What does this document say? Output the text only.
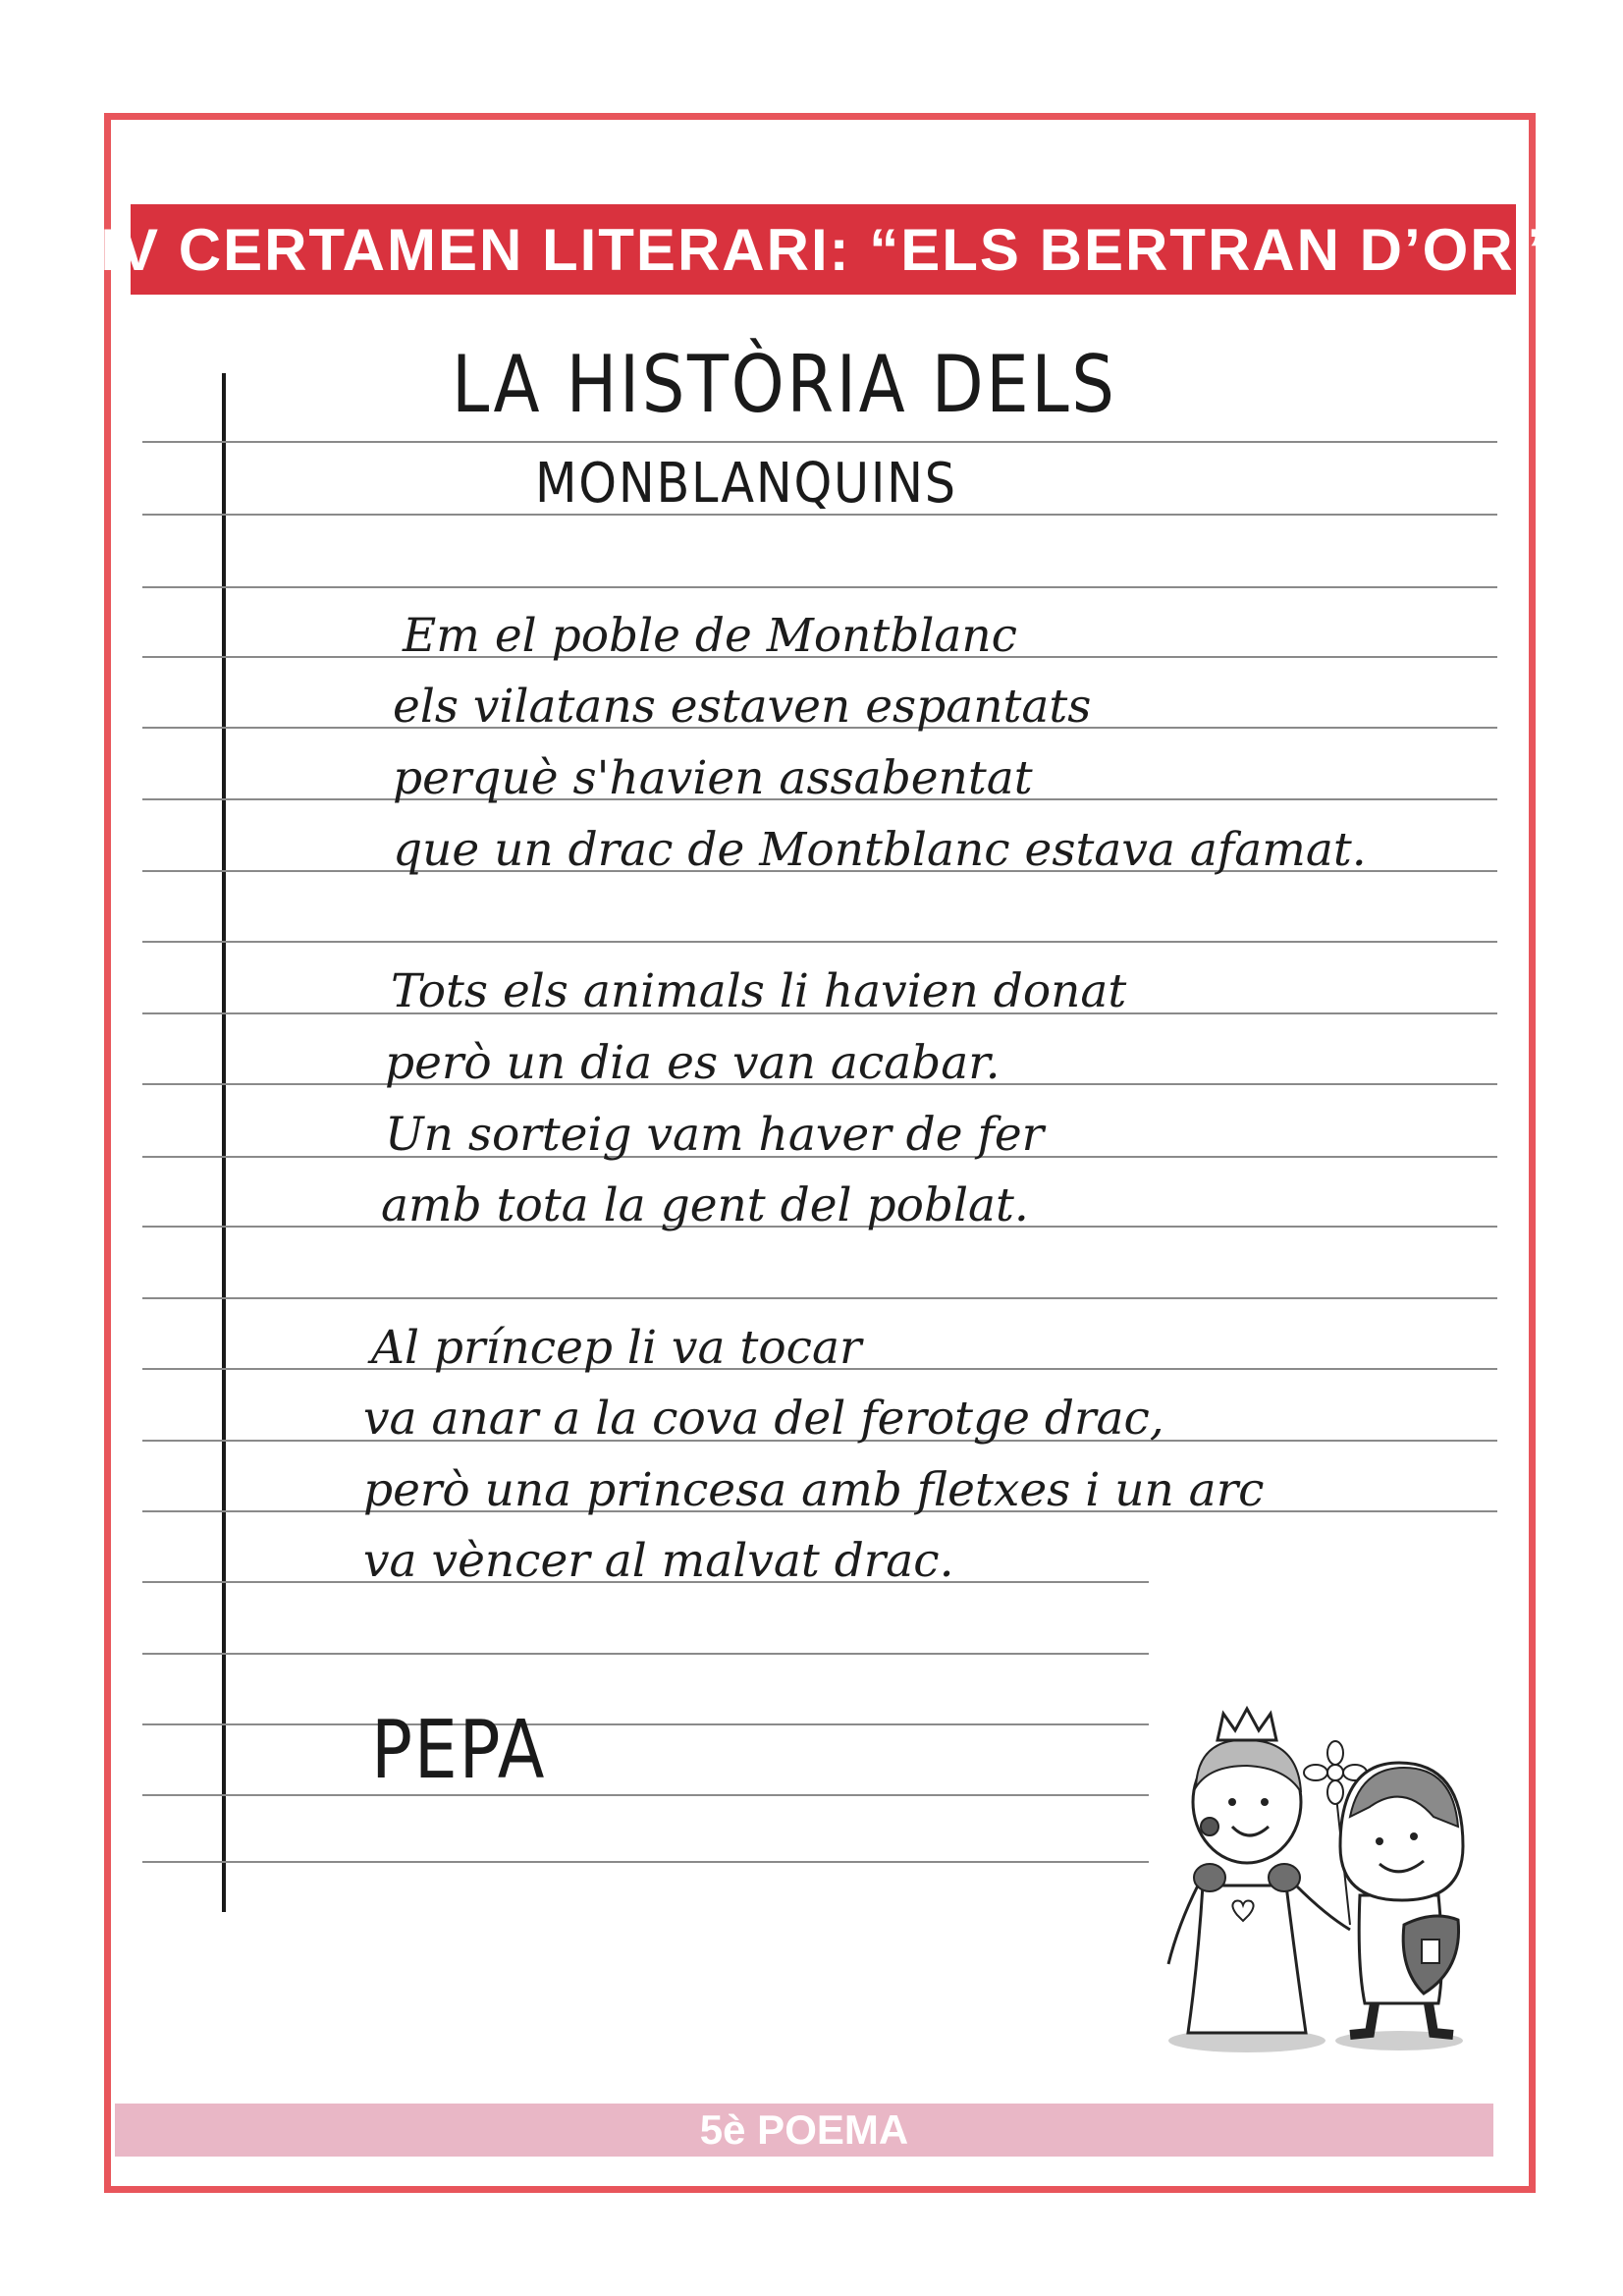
IV CERTAMEN LITERARI: “ELS BERTRAN D’OR”
LA HISTÒRIA DELS
MONBLANQUINS
Em el poble de Montblanc
els vilatans estaven espantats
perquè s'havien assabentat
que un drac de Montblanc estava afamat.
Tots els animals li havien donat
però un dia es van acabar.
Un sorteig vam haver de fer
amb tota la gent del poblat.
Al príncep li va tocar
va anar a la cova del ferotge drac,
però una princesa amb fletxes i un arc
va vèncer al malvat drac.
PEPA
5è POEMA
